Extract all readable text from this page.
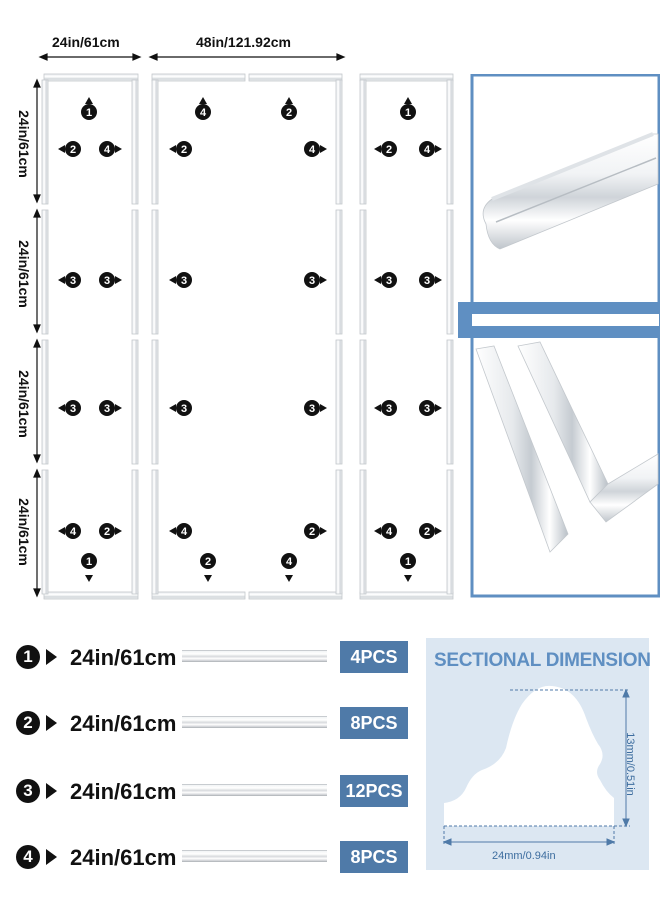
24in/61cm	48in/121.92cm
24in/61cm
24in/61cm
24in/61cm
24in/61cm
1
2	4
3	3
3	3
4	2
1
4	2
2	4
3	3
3	3
4	2
2	4
1
2	4
3	3
3	3
4	2
1
1	24in/61cm	4PCS
2	24in/61cm	8PCS
3	24in/61cm	12PCS
4	24in/61cm	8PCS
SECTIONAL DIMENSION
13mm/0.51in
24mm/0.94in
